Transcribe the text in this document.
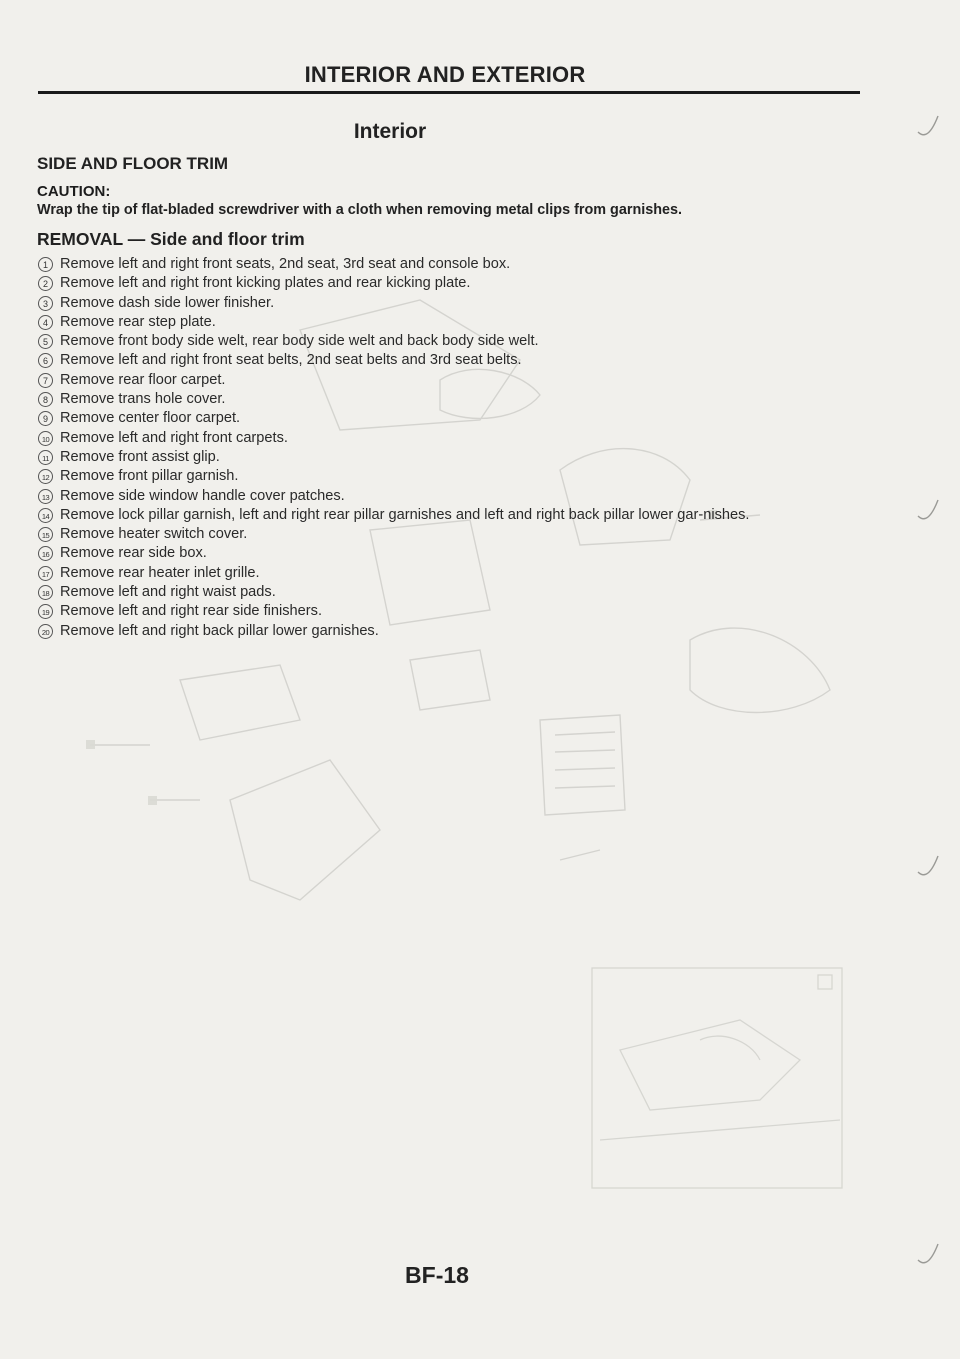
INTERIOR AND EXTERIOR
Interior
SIDE AND FLOOR TRIM
CAUTION:
Wrap the tip of flat-bladed screwdriver with a cloth when removing metal clips from garnishes.
REMOVAL — Side and floor trim
1 Remove left and right front seats, 2nd seat, 3rd seat and console box.
2 Remove left and right front kicking plates and rear kicking plate.
3 Remove dash side lower finisher.
4 Remove rear step plate.
5 Remove front body side welt, rear body side welt and back body side welt.
6 Remove left and right front seat belts, 2nd seat belts and 3rd seat belts.
7 Remove rear floor carpet.
8 Remove trans hole cover.
9 Remove center floor carpet.
10 Remove left and right front carpets.
11 Remove front assist glip.
12 Remove front pillar garnish.
13 Remove side window handle cover patches.
14 Remove lock pillar garnish, left and right rear pillar garnishes and left and right back pillar lower gar-nishes.
15 Remove heater switch cover.
16 Remove rear side box.
17 Remove rear heater inlet grille.
18 Remove left and right waist pads.
19 Remove left and right rear side finishers.
20 Remove left and right back pillar lower garnishes.
BF-18
